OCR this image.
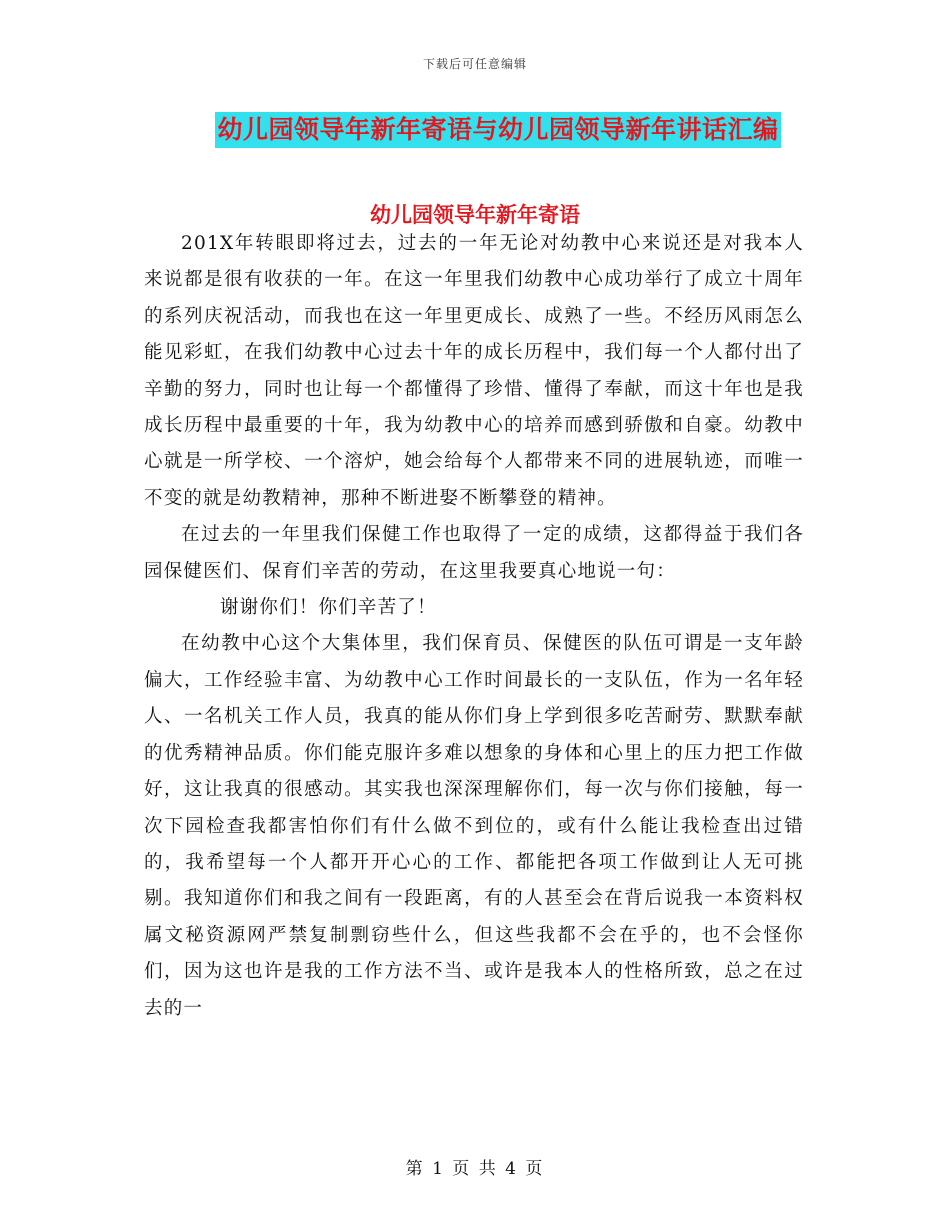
下载后可任意编辑
幼儿园领导年新年寄语与幼儿园领导新年讲话汇编
幼儿园领导年新年寄语

201X年转眼即将过去，过去的一年无论对幼教中心来说还是对我本人来说都是很有收获的一年。在这一年里我们幼教中心成功举行了成立十周年的系列庆祝活动，而我也在这一年里更成长、成熟了一些。不经历风雨怎么能见彩虹，在我们幼教中心过去十年的成长历程中，我们每一个人都付出了辛勤的努力，同时也让每一个都懂得了珍惜、懂得了奉献，而这十年也是我成长历程中最重要的十年，我为幼教中心的培养而感到骄傲和自豪。幼教中心就是一所学校、一个溶炉，她会给每个人都带来不同的进展轨迹，而唯一不变的就是幼教精神，那种不断进娶不断攀登的精神。

在过去的一年里我们保健工作也取得了一定的成绩，这都得益于我们各园保健医们、保育们辛苦的劳动，在这里我要真心地说一句：

谢谢你们！你们辛苦了！

在幼教中心这个大集体里，我们保育员、保健医的队伍可谓是一支年龄偏大，工作经验丰富、为幼教中心工作时间最长的一支队伍，作为一名年轻人、一名机关工作人员，我真的能从你们身上学到很多吃苦耐劳、默默奉献的优秀精神品质。你们能克服许多难以想象的身体和心里上的压力把工作做好，这让我真的很感动。其实我也深深理解你们，每一次与你们接触，每一次下园检查我都害怕你们有什么做不到位的，或有什么能让我检查出过错的，我希望每一个人都开开心心的工作、都能把各项工作做到让人无可挑剔。我知道你们和我之间有一段距离，有的人甚至会在背后说我一本资料权属文秘资源网严禁复制剽窃些什么，但这些我都不会在乎的，也不会怪你们，因为这也许是我的工作方法不当、或许是我本人的性格所致，总之在过去的一

第 1 页 共 4 页
